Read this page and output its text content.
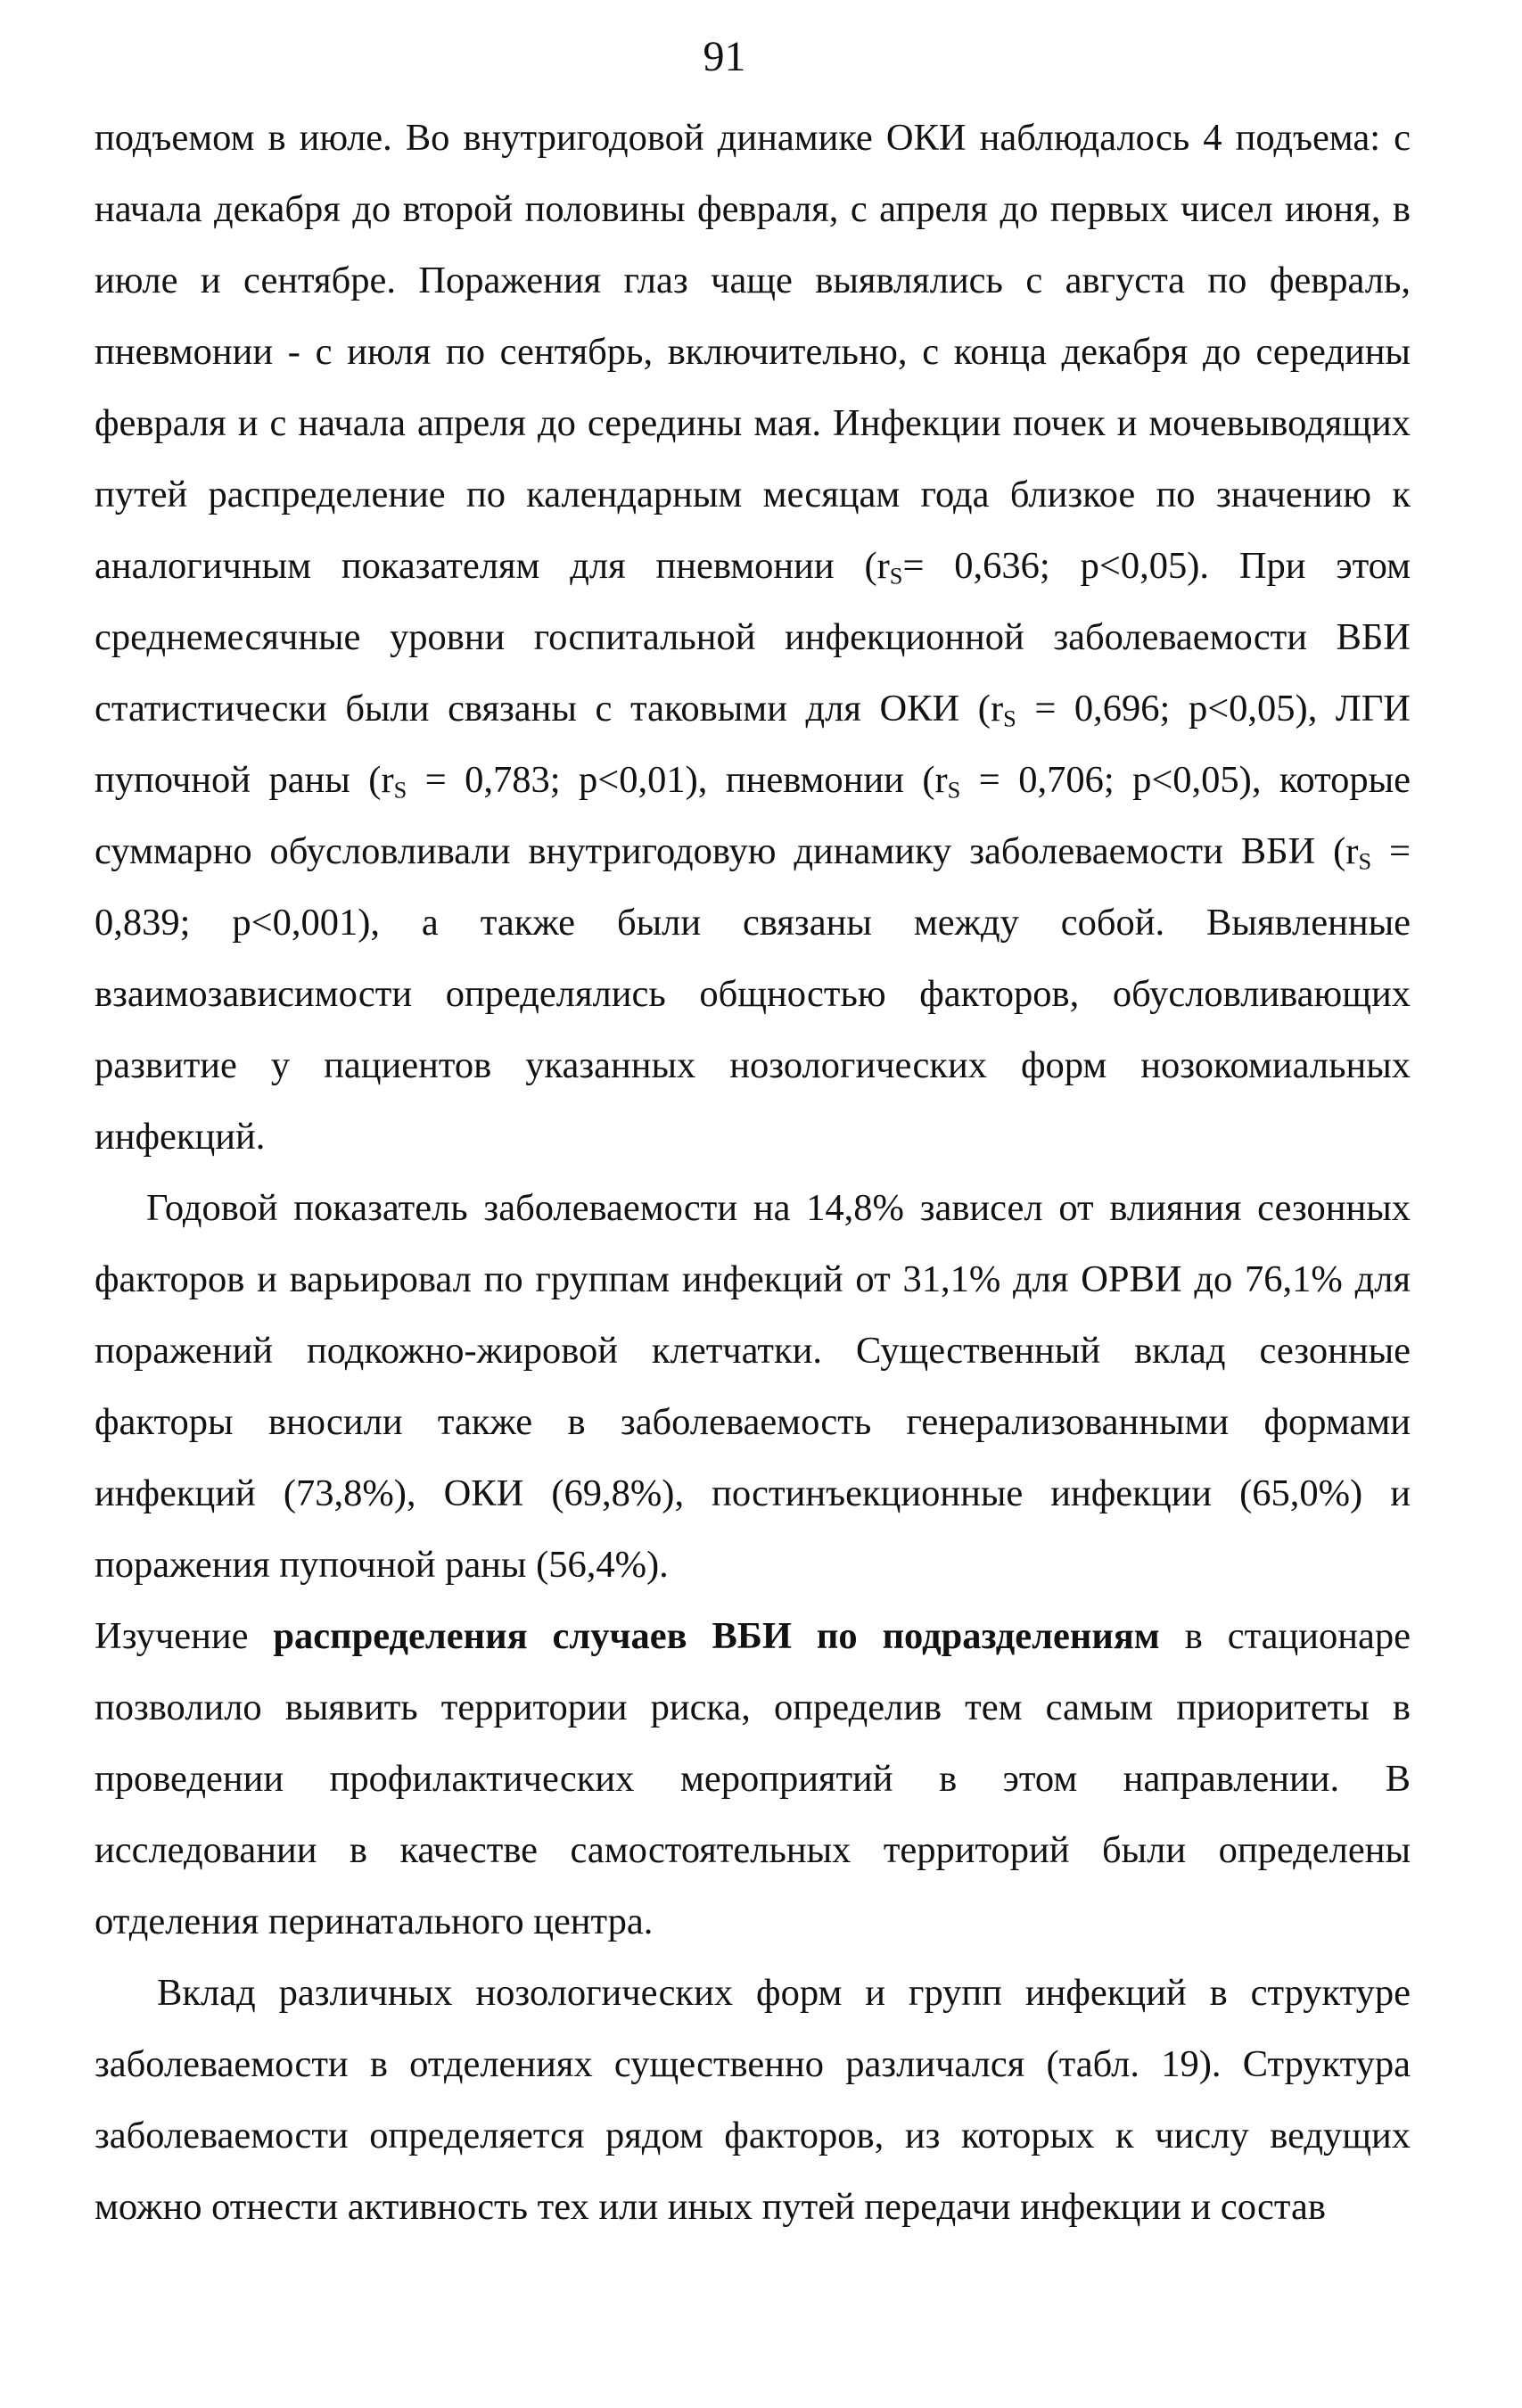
91

подъемом в июле. Во внутригодовой динамике ОКИ наблюдалось 4 подъема: с начала декабря до второй половины февраля, с апреля до первых чисел июня, в июле и сентябре. Поражения глаз чаще выявлялись с августа по февраль, пневмонии - с июля по сентябрь, включительно, с конца декабря до середины февраля и с начала апреля до середины мая. Инфекции почек и мочевыводящих путей распределение по календарным месяцам года близкое по значению к аналогичным показателям для пневмонии ($r_S= 0,636$; p<0,05). При этом среднемесячные уровни госпитальной инфекционной заболеваемости ВБИ статистически были связаны с таковыми для ОКИ ($r_S = 0,696$; p<0,05), ЛГИ пупочной раны ($r_S = 0,783$; p<0,01), пневмонии ($r_S = 0,706$; p<0,05), которые суммарно обусловливали внутригодовую динамику заболеваемости ВБИ ($r_S = 0,839$; p<0,001), а также были связаны между собой. Выявленные взаимозависимости определялись общностью факторов, обусловливающих развитие у пациентов указанных нозологических форм нозокомиальных инфекций.

Годовой показатель заболеваемости на 14,8% зависел от влияния сезонных факторов и варьировал по группам инфекций от 31,1% для ОРВИ до 76,1% для поражений подкожно-жировой клетчатки. Существенный вклад сезонные факторы вносили также в заболеваемость генерализованными формами инфекций (73,8%), ОКИ (69,8%), постинъекционные инфекции (65,0%) и поражения пупочной раны (56,4%).

Изучение распределения случаев ВБИ по подразделениям в стационаре позволило выявить территории риска, определив тем самым приоритеты в проведении профилактических мероприятий в этом направлении. В исследовании в качестве самостоятельных территорий были определены отделения перинатального центра.

Вклад различных нозологических форм и групп инфекций в структуре заболеваемости в отделениях существенно различался (табл. 19). Структура заболеваемости определяется рядом факторов, из которых к числу ведущих можно отнести активность тех или иных путей передачи инфекции и состав
